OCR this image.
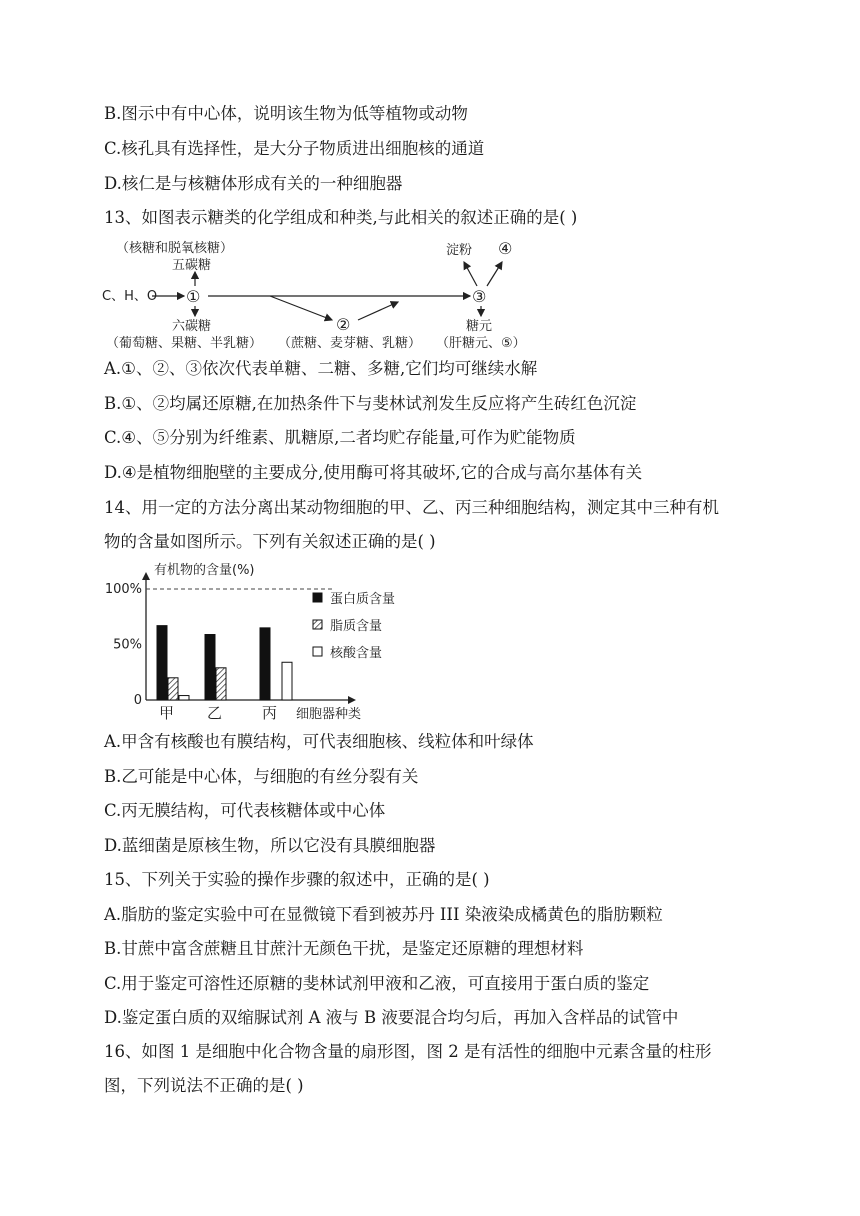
B.图示中有中心体，说明该生物为低等植物或动物
C.核孔具有选择性，是大分子物质进出细胞核的通道
D.核仁是与核糖体形成有关的一种细胞器
13、如图表示糖类的化学组成和种类,与此相关的叙述正确的是( )
C、H、O ①
五碳糖
（核糖和脱氧核糖）
六碳糖
（葡萄糖、果糖、半乳糖）
②
（蔗糖、麦芽糖、乳糖）
③
淀粉 ④
糖元
（肝糖元、⑤）
A.①、②、③依次代表单糖、二糖、多糖,它们均可继续水解
B.①、②均属还原糖,在加热条件下与斐林试剂发生反应将产生砖红色沉淀
C.④、⑤分别为纤维素、肌糖原,二者均贮存能量,可作为贮能物质
D.④是植物细胞壁的主要成分,使用酶可将其破坏,它的合成与高尔基体有关
14、用一定的方法分离出某动物细胞的甲、乙、丙三种细胞结构，测定其中三种有机
物的含量如图所示。下列有关叙述正确的是( )
有机物的含量(%)
0
50%
100%
甲 乙	丙 细胞器种类
蛋白质含量
脂质含量
核酸含量
A.甲含有核酸也有膜结构，可代表细胞核、线粒体和叶绿体
B.乙可能是中心体，与细胞的有丝分裂有关
C.丙无膜结构，可代表核糖体或中心体
D.蓝细菌是原核生物，所以它没有具膜细胞器
15、下列关于实验的操作步骤的叙述中，正确的是( )
A.脂肪的鉴定实验中可在显微镜下看到被苏丹 III 染液染成橘黄色的脂肪颗粒
B.甘蔗中富含蔗糖且甘蔗汁无颜色干扰，是鉴定还原糖的理想材料
C.用于鉴定可溶性还原糖的斐林试剂甲液和乙液，可直接用于蛋白质的鉴定
D.鉴定蛋白质的双缩脲试剂 A 液与 B 液要混合均匀后，再加入含样品的试管中
16、如图 1 是细胞中化合物含量的扇形图，图 2 是有活性的细胞中元素含量的柱形
图，下列说法不正确的是( )
